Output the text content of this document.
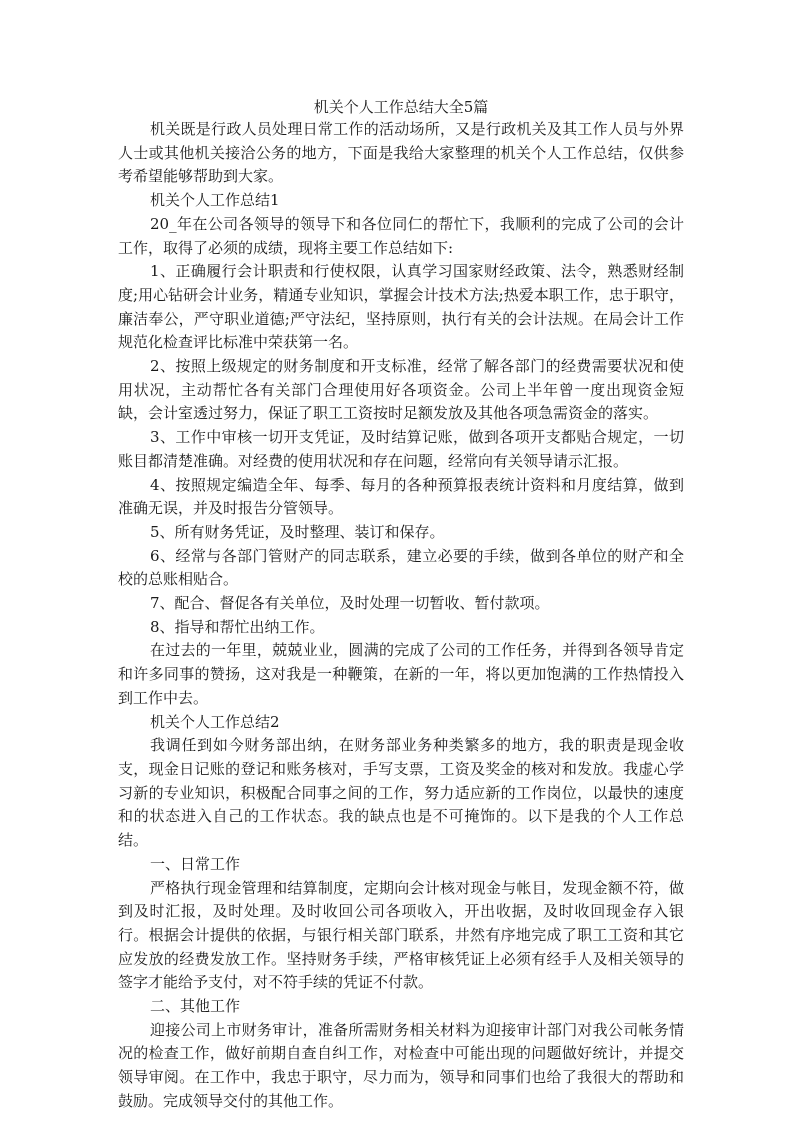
机关个人工作总结大全5篇

机关既是行政人员处理日常工作的活动场所，又是行政机关及其工作人员与外界人士或其他机关接洽公务的地方，下面是我给大家整理的机关个人工作总结，仅供参考希望能够帮助到大家。

机关个人工作总结1

20_年在公司各领导的领导下和各位同仁的帮忙下，我顺利的完成了公司的会计工作，取得了必须的成绩，现将主要工作总结如下:

1、正确履行会计职责和行使权限，认真学习国家财经政策、法令，熟悉财经制度;用心钻研会计业务，精通专业知识，掌握会计技术方法;热爱本职工作，忠于职守，廉洁奉公，严守职业道德;严守法纪，坚持原则，执行有关的会计法规。在局会计工作规范化检查评比标准中荣获第一名。

2、按照上级规定的财务制度和开支标准，经常了解各部门的经费需要状况和使用状况，主动帮忙各有关部门合理使用好各项资金。公司上半年曾一度出现资金短缺，会计室透过努力，保证了职工工资按时足额发放及其他各项急需资金的落实。

3、工作中审核一切开支凭证，及时结算记账，做到各项开支都贴合规定，一切账目都清楚准确。对经费的使用状况和存在问题，经常向有关领导请示汇报。

4、按照规定编造全年、每季、每月的各种预算报表统计资料和月度结算，做到准确无误，并及时报告分管领导。

5、所有财务凭证，及时整理、装订和保存。

6、经常与各部门管财产的同志联系，建立必要的手续，做到各单位的财产和全校的总账相贴合。

7、配合、督促各有关单位，及时处理一切暂收、暂付款项。

8、指导和帮忙出纳工作。

在过去的一年里，兢兢业业，圆满的完成了公司的工作任务，并得到各领导肯定和许多同事的赞扬，这对我是一种鞭策，在新的一年，将以更加饱满的工作热情投入到工作中去。

机关个人工作总结2

我调任到如今财务部出纳，在财务部业务种类繁多的地方，我的职责是现金收支，现金日记账的登记和账务核对，手写支票，工资及奖金的核对和发放。我虚心学习新的专业知识，积极配合同事之间的工作，努力适应新的工作岗位，以最快的速度和的状态进入自己的工作状态。我的缺点也是不可掩饰的。以下是我的个人工作总结。

一、日常工作

严格执行现金管理和结算制度，定期向会计核对现金与帐目，发现金额不符，做到及时汇报，及时处理。及时收回公司各项收入，开出收据，及时收回现金存入银行。根据会计提供的依据，与银行相关部门联系，井然有序地完成了职工工资和其它应发放的经费发放工作。坚持财务手续，严格审核凭证上必须有经手人及相关领导的签字才能给予支付，对不符手续的凭证不付款。

二、其他工作

迎接公司上市财务审计，准备所需财务相关材料为迎接审计部门对我公司帐务情况的检查工作，做好前期自查自纠工作，对检查中可能出现的问题做好统计，并提交领导审阅。在工作中，我忠于职守，尽力而为，领导和同事们也给了我很大的帮助和鼓励。完成领导交付的其他工作。
